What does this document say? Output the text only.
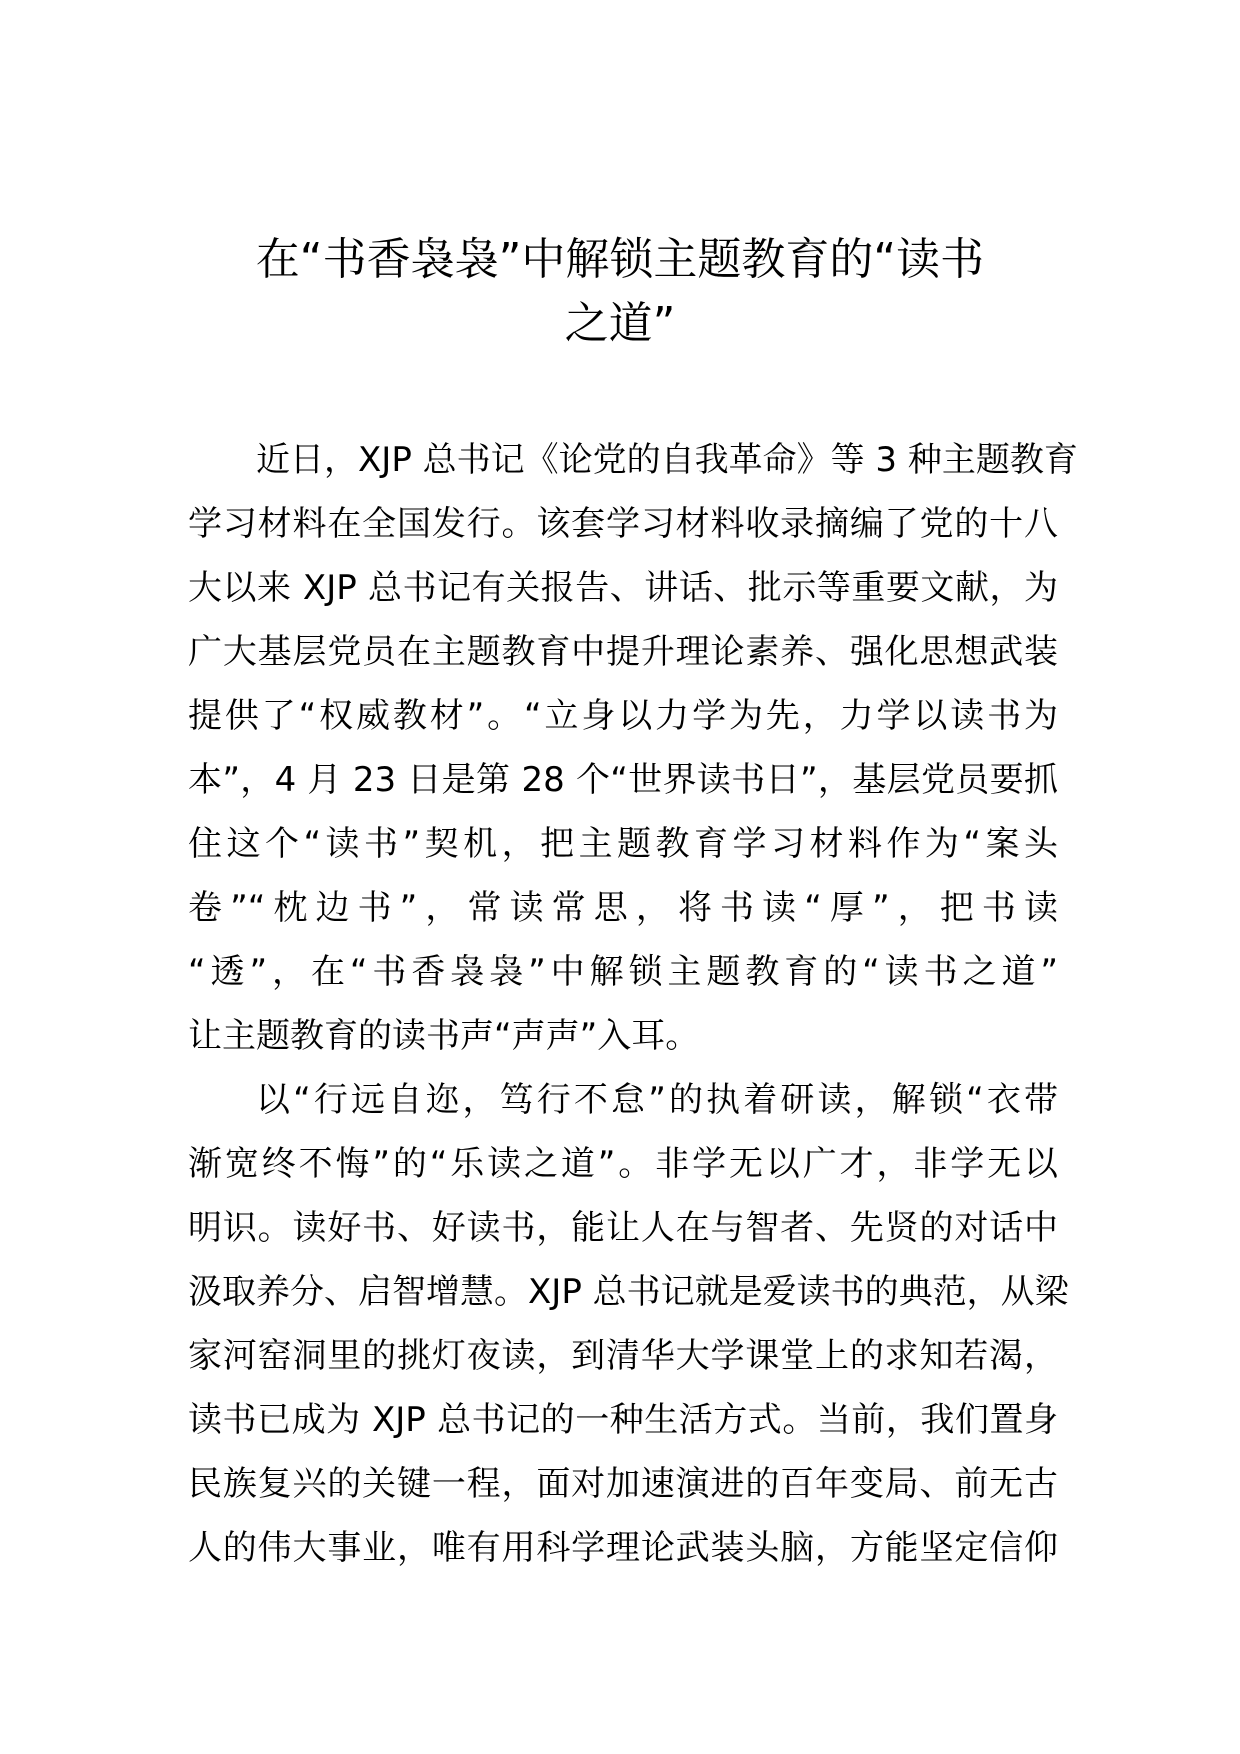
在“书香袅袅”中解锁主题教育的“读书
之道”
近日，XJP 总书记《论党的自我革命》等 3 种主题教育
学习材料在全国发行。该套学习材料收录摘编了党的十八
大以来 XJP 总书记有关报告、讲话、批示等重要文献，为
广大基层党员在主题教育中提升理论素养、强化思想武装
提供了“权威教材”。“立身以力学为先，力学以读书为
本”，4 月 23 日是第 28 个“世界读书日”，基层党员要抓
住这个“读书”契机，把主题教育学习材料作为“案头
卷”“枕边书”，常读常思，将书读“厚”，把书读
“透”，在“书香袅袅”中解锁主题教育的“读书之道”
让主题教育的读书声“声声”入耳。
以“行远自迩，笃行不怠”的执着研读，解锁“衣带
渐宽终不悔”的“乐读之道”。非学无以广才，非学无以
明识。读好书、好读书，能让人在与智者、先贤的对话中
汲取养分、启智增慧。XJP 总书记就是爱读书的典范，从梁
家河窑洞里的挑灯夜读，到清华大学课堂上的求知若渴，
读书已成为 XJP 总书记的一种生活方式。当前，我们置身
民族复兴的关键一程，面对加速演进的百年变局、前无古
人的伟大事业，唯有用科学理论武装头脑，方能坚定信仰
